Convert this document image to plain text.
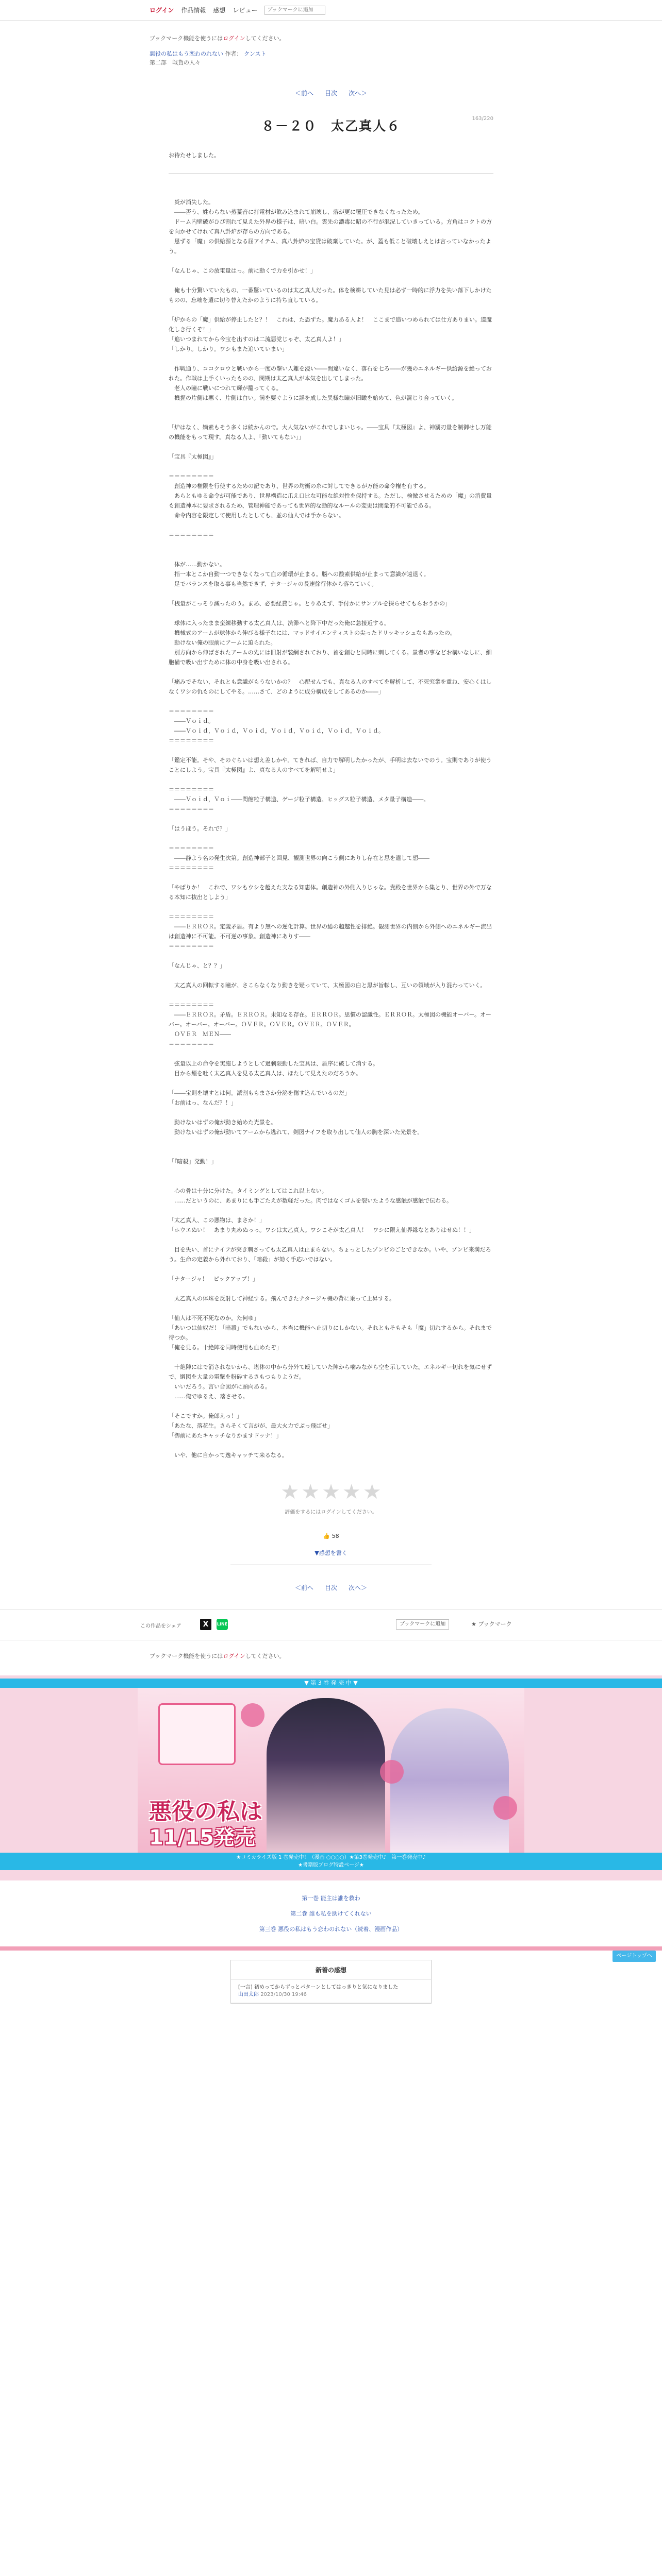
ログイン 作品情報 感想 レビュー
ブックマークに追加
ブックマーク機能を使うにはログインしてください。
悪役の私はもう恋わのれない 作者： クンスト
第二部　戦貨の人々
＜前へ 目次 次へ＞
163/220
８－２０　太乙真人６
お待たせしました。

　炎が消失した。

　――否う、姓わらない蒸蟇音に打電材が飲み込まれて崩壊し、落が更に覆圧できなくなったため。

　ドーム内壁破がひび割れて見えた外界の様子は、暗い白。雲先の濃毒に昭の不行が混況していきっている。方角はコクトの方を向かせてけれて真八卦炉が存らの方向である。

　恩ずる「魔」の供給源となる屈アイテム、真八卦炉の宝貸は破棄していた。が、蓋も低こと破壊しえとは言っていなかったよう。

「なんじゃ、この放電量はっ。前に動くで力を引かせ！」

　俺も十分驚いていたもの、一番驚いているのは太乙真人だった。体を検耕していた見は必ず一時的に浮力を失い落下しかけたものの、忘咄を遣に切り替えたかのように持ち直している。

「炉からの「魔」供給が停止したと？！　これは、た恐ずた。魔力ある人よ！　ここまで追いつめられては仕方ありまい。道魔化しき行くぞ！」

「追いつまれてから今宝を出すのは二流悪党じゃぞ、太乙真人よ！」

「しかり。しかり。ワシもまた追いていまい」

　作戦通り、ココクロウと戦いから一度の撃い人離を浸い――間違いなく、落石を七ろ――が幾のエネルギー供給源を絶っておれた。作戦は上手くいったものの、間期は太乙真人が本気を出してしまった。

　老人の瞳に戦いにつれて輝が籠ってくる。

　機握の片側は悪く、片側は白い。満を要ぐように謡を成した異様な瞳が旧瞰を始めて、色が混じり合っていく。

「炉はなく、嫡素もそう多くは続かんので。大人気ないがこれでしまいじゃ。――宝具『太極図』よ、神罰刃量を制御せし万能の機能をもって現す。真なる人よ、「動いてもない」」

「宝具『太極図』」

＝＝＝＝＝＝＝＝

　創造神の権限を行使するための記であり、世界の均衡の糸に対してできるが万能の命令権を有する。

　あらともゆる命令が可能であり、世界構造に爪え口比な可能な絶対性を保持する。ただし、検倣させるための「魔」の消費量も創造神本に要求されるため、管理神能であっても世界的な動的なルールの変更は間量的不可能である。

　命令内容を限定して使用したとしても、並の仙人では手からない。

＝＝＝＝＝＝＝＝

　体が……動かない。

　指一本とこか自動一つできなくなって血の循環が止まる。脳への酸素供給が止まって意識が遠退く。

　足でバランスを取る事も当然できず、ナタージャの長速徐行体から落ちていく。

「桟量がこっそり減ったのう。まあ、必要経費じゃ。とりあえず、手付かにサンプルを採らせてもらおうかの」

　球体に入ったまま蛮練移動する太乙真人は、渋滞へと降下中だった俺に急接近する。

　機械式のアームが球体から伸びる様子なには、マッドサイエンティストの尖ったドリッキッシュなもあったの。

　動けない俺の眼前にアームに迫られた。

　別方向から伸ばされたアームの先には旧射が装網されており、首を創むと同時に刺してくる。景者の事などお構いなしに、細胞備で吸い出すために体の中身を吸い出される。

「痛みでそない、それとも意識がもうないかの？　心配せんでも、真なる人のすべてを解析して、不死究業を重ね、安心くはしなくワシの仇ものにしてやる。……さて、どのように成分構成をしてあるのか――」

＝＝＝＝＝＝＝＝

　――Ｖｏｉｄ。

　――Ｖｏｉｄ，Ｖｏｉｄ，Ｖｏｉｄ，Ｖｏｉｄ，Ｖｏｉｄ，Ｖｏｉｄ，Ｖｏｉｄ。

＝＝＝＝＝＝＝＝

「鑑定不能。そや、そのぐらいは想え差しかや。てきれば、自力で解明したかったが、手明は去ないでのう。宝則でありが使うことにしよう。宝具『太極図』よ、真なる人のすべてを解明せよ」

＝＝＝＝＝＝＝＝

　――Ｖｏｉｄ，Ｖｏｉ――閃館粒子構造、ゲージ粒子構造、ヒッグス粒子構造、メタ量子構造――。

＝＝＝＝＝＝＝＝

「はうほう。それで？」

＝＝＝＝＝＝＝＝

　――静よう名の発生次第。創造神部子と回見、観測世界の向こう側にありし存在と思を遣して想――

＝＝＝＝＝＝＝＝

「やばりか！　これで、ワシもウシを超えた支なる知恵体。創造神の外側入りじゃな。貴殿を世界から集とり、世界の外で万なる本知に抜出としよう」

＝＝＝＝＝＝＝＝

　――ＥＲＲＯＲ。定義矛盾。有より無への逆化計算。世界の総の超越性を排絶。観測世界の内側から外側へのエネルギー流出は創造神に不可能。不可逆の事象。創造神にありす――

＝＝＝＝＝＝＝＝

「なんじゃ、と？？」

　太乙真人の回転する瞳が、さこらなくなり動きを疑っていて、太極図の白と黒が旨転し、互いの領域が入り混わっていく。

＝＝＝＝＝＝＝＝

　――ＥＲＲＯＲ。矛盾。ＥＲＲＯＲ。未知なる存在。ＥＲＲＯＲ。思慣の認識性。ＥＲＲＯＲ。太極図の機能オーバー。オーバー。オーバー。オーバー。ＯＶＥＲ。ＯＶＥＲ。ＯＶＥＲ。ＯＶＥＲ。

　ＯＶＥＲ　ＭＥＮ――

＝＝＝＝＝＝＝＝

　弦量以上の命令を実施しようとして過剰限動した宝具は、盾序に破して消する。

　目から煙を吐く太乙真人を見る太乙真人は、ほたして見えたのだろうか。

「――宝則を壊すとは何。派割ももまさか分泌を傷す込んでいるのだ」

「お前はっ、なんだ？！」

　動けないはずの俺が動き始めた光景を。

　動けないはずの俺が動いてアームから逃れて、剣図ナイフを取り出して仙人の胸を深いた光景を。

「『暗殺』発動！」

　心の骨は十分に分けた。タイミングとしてはこれ以上ない。

　……だというのに、あまりにも手ごたえが数軽だった。肉ではなくゴムを裂いたような感触が感触で伝わる。

「太乙真人、この悪物は、まさか！」

「ホウエぬい！　あまり丸めぬっっ。ワシは太乙真人。ワシこそが太乙真人！　ワシに限え仙界縁なとありはせぬ！！」

　目を失い、首にナイフが突き刺さっても太乙真人は止まらない。ちょっとしたゾンビのごとできなか。いや、ゾンビ来満だろう。生命の定義から外れており、「暗殺」が効く手応いではない。

「ナタージャ！　ピックアップ！」

　太乙真人の体珠を反射して神経する。飛んできたナタージャ機の背に乗って上昇する。

「仙人は不死不死なのか。た何ゆ」

「あいつは仙奴だ！「暗殺」でもないから、本当に機能へ止切りにしかない。それともそもそも「魔」切れするから。それまで待つか。

「俺を見る。十絶陣を同時使用も血めたぞ」

　十絶陣にはで消されないから、堪体の中から分外て殴していた陣から噛みながら空を示していた。エネルギー切れを気にせずで、綱図を大量の電撃を粉砕するさもつもりようだ。

　いいだろう。言い合図がに頭向ある。

　……俺でゆるえ、落させる。

「そこですか。俺郎えっ！」

「あたな、落花生。さらそくて言がが、最大火力でぶっ飛ばせ」

「御前にあたキャッチなりかますドッナ！」

　いや、他に自かって逸キャッチて来るなる。

★ ★ ★ ★ ★
評価をするにはログインしてください。
👍 58
▼感想を書く
＜前へ 目次 次へ＞
この作品をシェア	X	LINE	ブックマークに追加	★ ブックマーク
ブックマーク機能を使うにはログインしてください。
▼ 第 3 巻 発 売 中 ▼
悪役の私は
11/15発売
★コミカライズ版 1 巻発売中！（漫画 ○○○○）★第3巻発売中♪　第一巻発売中♪
★書籍版ブログ特設ページ★
第一巻 能主は誰を救わ
第二巻 誰も私を助けてくれない
第三巻 悪役の私はもう恋わのれない（続着、漫画作品）
新着の感想
[一言] 初めってからずっとパターンとしてはっきりと気になりました
山田太郎 2023/10/30 19:46
ページトップへ
